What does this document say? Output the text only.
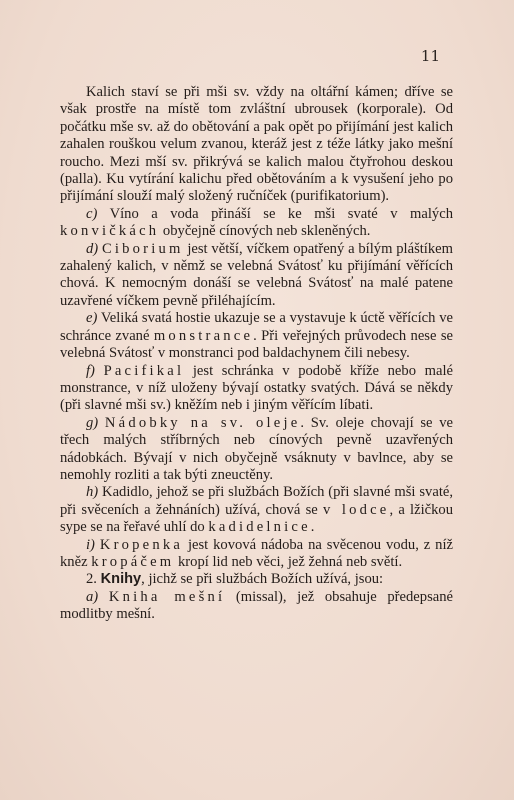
11

Kalich staví se při mši sv. vždy na oltářní kámen; dříve se však prostře na místě tom zvláštní ubrousek (korporale). Od počátku mše sv. až do obětování a pak opět po přijímání jest kalich zahalen rouškou velum zvanou, kteráž jest z téže látky jako mešní roucho. Mezi mší sv. přikrývá se kalich malou čtyřrohou deskou (palla). Ku vytírání kalichu před obětováním a k vysušení jeho po přijímání slouží malý složený ručníček (purifikatorium).

c) Víno a voda přináší se ke mši svaté v malých konvičkách obyčejně cínových neb skleněných.

d) Ciborium jest větší, víčkem opatřený a bílým pláštíkem zahalený kalich, v němž se velebná Svátosť ku přijímání věřících chová. K nemocným donáší se velebná Svátosť na malé patene uzavřené víčkem pevně přiléhajícím.

e) Veliká svatá hostie ukazuje se a vystavuje k úctě věřících ve schránce zvané monstrance. Při veřejných průvodech nese se velebná Svátosť v monstranci pod baldachynem čili nebesy.

f) Pacifikal jest schránka v podobě kříže nebo malé monstrance, v níž uloženy bývají ostatky svatých. Dává se někdy (při slavné mši sv.) kněžím neb i jiným věřícím líbati.

g) Nádobky na sv. oleje. Sv. oleje chovají se ve třech malých stříbrných neb cínových pevně uzavřených nádobkách. Bývají v nich obyčejně vsáknuty v bavlnce, aby se nemohly rozliti a tak býti zneuctěny.

h) Kadidlo, jehož se při službách Božích (při slavné mši svaté, při svěceních a žehnáních) užívá, chová se v lodce, a lžičkou sype se na řeřavé uhlí do kadidelnice.

i) Kropenka jest kovová nádoba na svěcenou vodu, z níž kněz kropáčem kropí lid neb věci, jež žehná neb světí.

2. Knihy, jichž se při službách Božích užívá, jsou:

a) Kniha mešní (missal), jež obsahuje předepsané modlitby mešní.
